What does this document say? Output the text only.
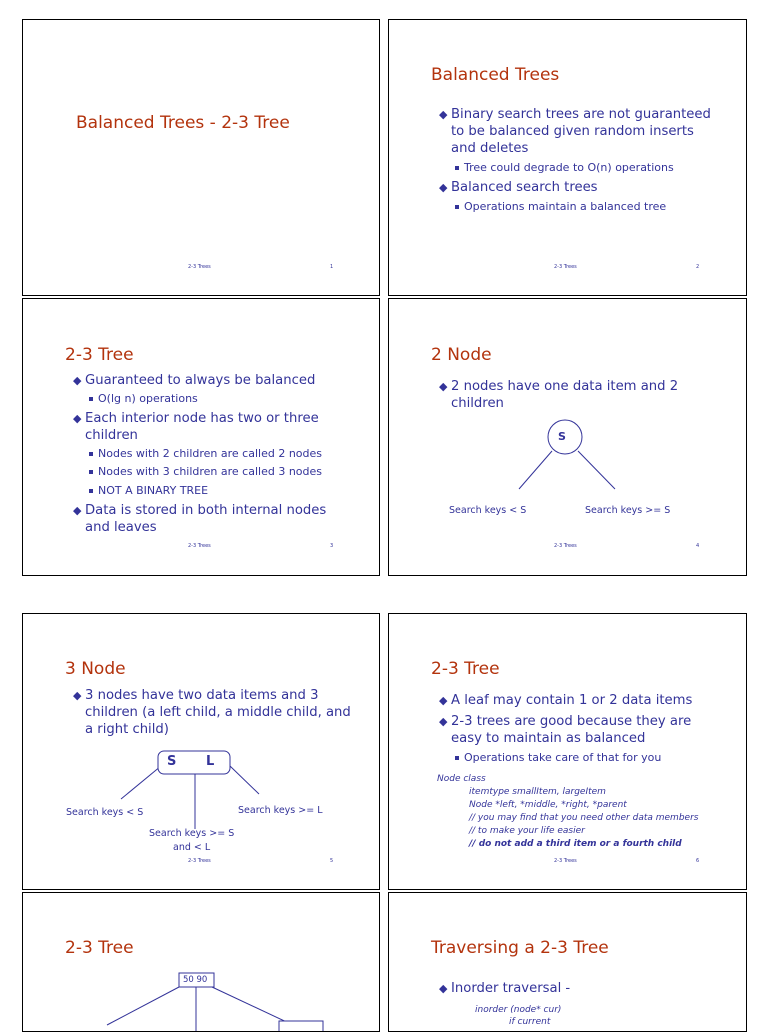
Balanced Trees - 2-3 Tree
2-3 Trees	1
Balanced Trees
◆ Binary search trees are not guaranteed to be balanced given random inserts and deletes
Tree could degrade to O(n) operations
◆ Balanced search trees
Operations maintain a balanced tree
2-3 Trees	2
2-3 Tree
◆ Guaranteed to always be balanced
O(lg n) operations
◆ Each interior node has two or three children
Nodes with 2 children are called 2 nodes
Nodes with 3 children are called 3 nodes
NOT A BINARY TREE
◆ Data is stored in both internal nodes and leaves
2-3 Trees	3
2 Node
◆ 2 nodes have one data item and 2 children
S
Search keys < S	Search keys >= S
2-3 Trees	4
3 Node
◆ 3 nodes have two data items and 3 children (a left child, a middle child, and a right child)
S L
Search keys < S
Search keys >= S
and < L
Search keys >= L
2-3 Trees	5
2-3 Tree
◆ A leaf may contain 1 or 2 data items
◆ 2-3 trees are good because they are easy to maintain as balanced
Operations take care of that for you
Node class
itemtype smallItem, largeItem
Node *left, *middle, *right, *parent
// you may find that you need other data members
// to make your life easier
// do not add a third item or a fourth child
2-3 Trees	6
2-3 Tree
50 90
Traversing a 2-3 Tree
◆ Inorder traversal -
inorder (node* cur)
if current
